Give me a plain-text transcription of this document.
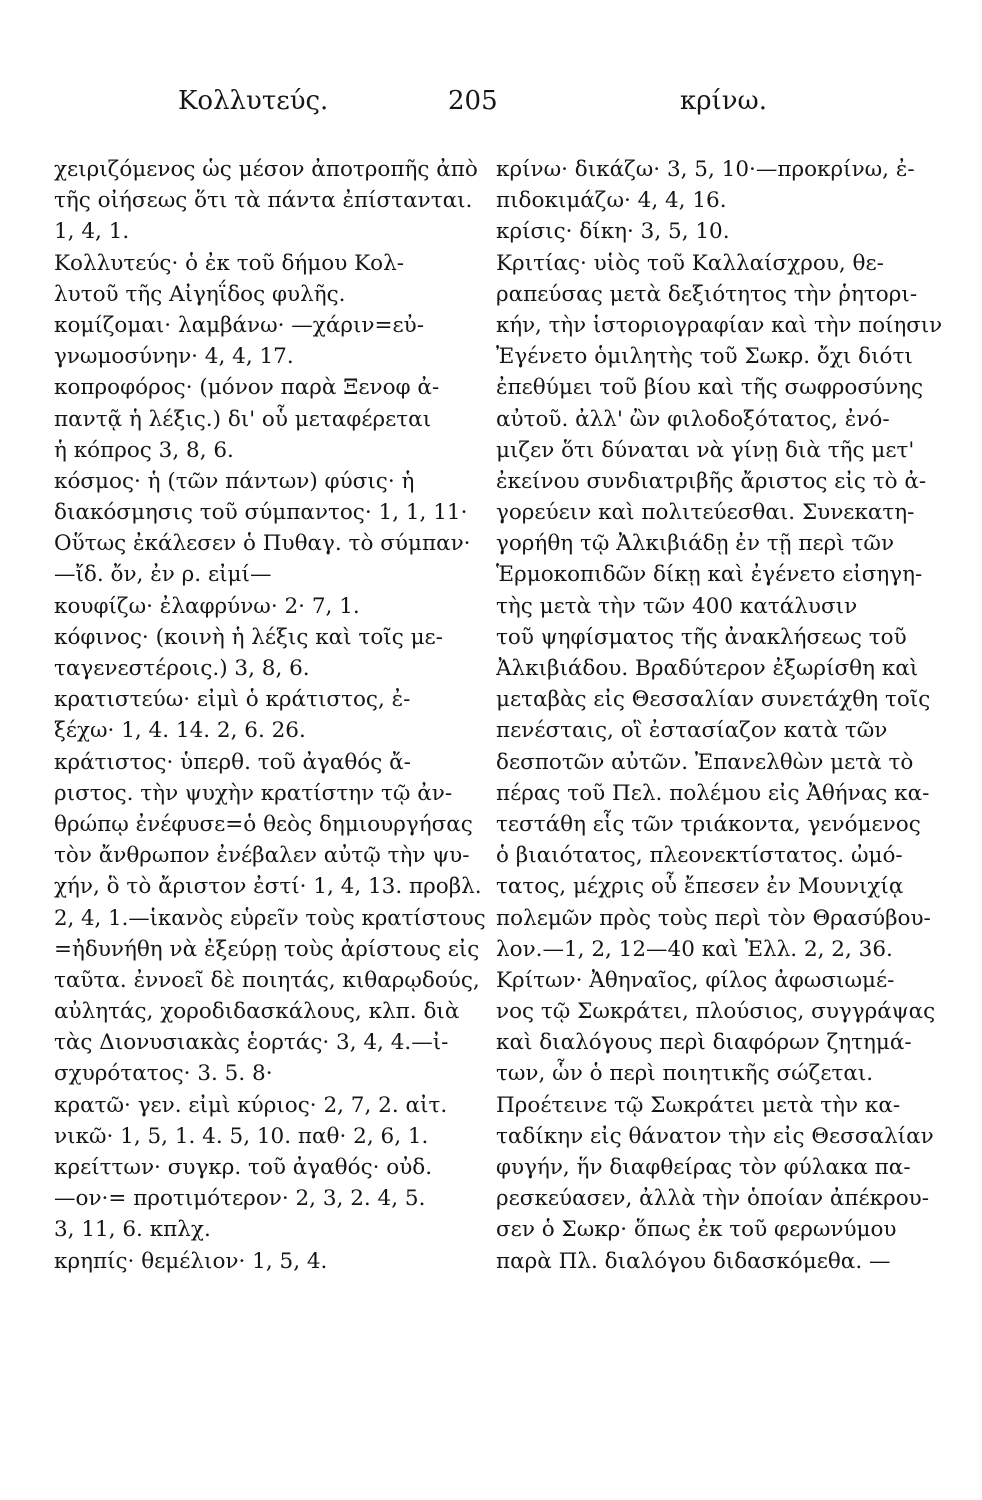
Κολλυτεύς.	205	κρίνω.
χειριζόμενος ὡς μέσον ἀποτροπῆς ἀπὸ
τῆς οἰήσεως ὅτι τὰ πάντα ἐπίστανται.
1, 4, 1.
Κολλυτεύς· ὁ ἐκ τοῦ δήμου Κολ-
λυτοῦ τῆς Αἰγηΐδος φυλῆς.
κομίζομαι· λαμβάνω· —χάριν=εὐ-
γνωμοσύνην· 4, 4, 17.
κοπροφόρος· (μόνον παρὰ Ξενοφ ἀ-
παντᾷ ἡ λέξις.) δι' οὗ μεταφέρεται
ἡ κόπρος 3, 8, 6.
κόσμος· ἡ (τῶν πάντων) φύσις· ἡ
διακόσμησις τοῦ σύμπαντος· 1, 1, 11·
Οὕτως ἐκάλεσεν ὁ Πυθαγ. τὸ σύμπαν·
—ἴδ. ὄν, ἐν ρ. εἰμί—
κουφίζω· ἐλαφρύνω· 2· 7, 1.
κόφινος· (κοινὴ ἡ λέξις καὶ τοῖς με-
ταγενεστέροις.) 3, 8, 6.
κρατιστεύω· εἰμὶ ὁ κράτιστος, ἐ-
ξέχω· 1, 4. 14. 2, 6. 26.
κράτιστος· ὑπερθ. τοῦ ἀγαθός ἄ-
ριστος. τὴν ψυχὴν κρατίστην τῷ ἀν-
θρώπῳ ἐνέφυσε=ὁ θεὸς δημιουργήσας
τὸν ἄνθρωπον ἐνέβαλεν αὐτῷ τὴν ψυ-
χήν, ὃ τὸ ἄριστον ἐστί· 1, 4, 13. προβλ.
2, 4, 1.—ἱκανὸς εὑρεῖν τοὺς κρατίστους
=ἠδυνήθη νὰ ἐξεύρῃ τοὺς ἀρίστους εἰς
ταῦτα. ἐννοεῖ δὲ ποιητάς, κιθαρῳδούς,
αὐλητάς, χοροδιδασκάλους, κλπ. διὰ
τὰς Διονυσιακὰς ἑορτάς· 3, 4, 4.—ἰ-
σχυρότατος· 3. 5. 8·
κρατῶ· γεν. εἰμὶ κύριος· 2, 7, 2. αἰτ.
νικῶ· 1, 5, 1. 4. 5, 10. παθ· 2, 6, 1.
κρείττων· συγκρ. τοῦ ἀγαθός· οὐδ.
—ον·= προτιμότερον· 2, 3, 2. 4, 5.
3, 11, 6. κπλχ.
κρηπίς· θεμέλιον· 1, 5, 4.
κρίνω· δικάζω· 3, 5, 10·—προκρίνω, ἐ-
πιδοκιμάζω· 4, 4, 16.
κρίσις· δίκη· 3, 5, 10.
Κριτίας· υἱὸς τοῦ Καλλαίσχρου, θε-
ραπεύσας μετὰ δεξιότητος τὴν ῥητορι-
κήν, τὴν ἱστοριογραφίαν καὶ τὴν ποίησιν
Ἐγένετο ὁμιλητὴς τοῦ Σωκρ. ὄχι διότι
ἐπεθύμει τοῦ βίου καὶ τῆς σωφροσύνης
αὐτοῦ. ἀλλ' ὢν φιλοδοξότατος, ἐνό-
μιζεν ὅτι δύναται νὰ γίνῃ διὰ τῆς μετ'
ἐκείνου συνδιατριβῆς ἄριστος εἰς τὸ ἀ-
γορεύειν καὶ πολιτεύεσθαι. Συνεκατη-
γορήθη τῷ Ἀλκιβιάδῃ ἐν τῇ περὶ τῶν
Ἑρμοκοπιδῶν δίκῃ καὶ ἐγένετο εἰσηγη-
τὴς μετὰ τὴν τῶν 400 κατάλυσιν
τοῦ ψηφίσματος τῆς ἀνακλήσεως τοῦ
Ἀλκιβιάδου. Βραδύτερον ἐξωρίσθη καὶ
μεταβὰς εἰς Θεσσαλίαν συνετάχθη τοῖς
πενέσταις, οἳ ἐστασίαζον κατὰ τῶν
δεσποτῶν αὐτῶν. Ἐπανελθὼν μετὰ τὸ
πέρας τοῦ Πελ. πολέμου εἰς Ἀθήνας κα-
τεστάθη εἷς τῶν τριάκοντα, γενόμενος
ὁ βιαιότατος, πλεονεκτίστατος. ὠμό-
τατος, μέχρις οὗ ἔπεσεν ἐν Μουνιχίᾳ
πολεμῶν πρὸς τοὺς περὶ τὸν Θρασύβου-
λον.—1, 2, 12—40 καὶ Ἑλλ. 2, 2, 36.
Κρίτων· Ἀθηναῖος, φίλος ἀφωσιωμέ-
νος τῷ Σωκράτει, πλούσιος, συγγράψας
καὶ διαλόγους περὶ διαφόρων ζητημά-
των, ὧν ὁ περὶ ποιητικῆς σώζεται.
Προέτεινε τῷ Σωκράτει μετὰ τὴν κα-
ταδίκην εἰς θάνατον τὴν εἰς Θεσσαλίαν
φυγήν, ἥν διαφθείρας τὸν φύλακα πα-
ρεσκεύασεν, ἀλλὰ τὴν ὁποίαν ἀπέκρου-
σεν ὁ Σωκρ· ὅπως ἐκ τοῦ φερωνύμου
παρὰ Πλ. διαλόγου διδασκόμεθα. —
